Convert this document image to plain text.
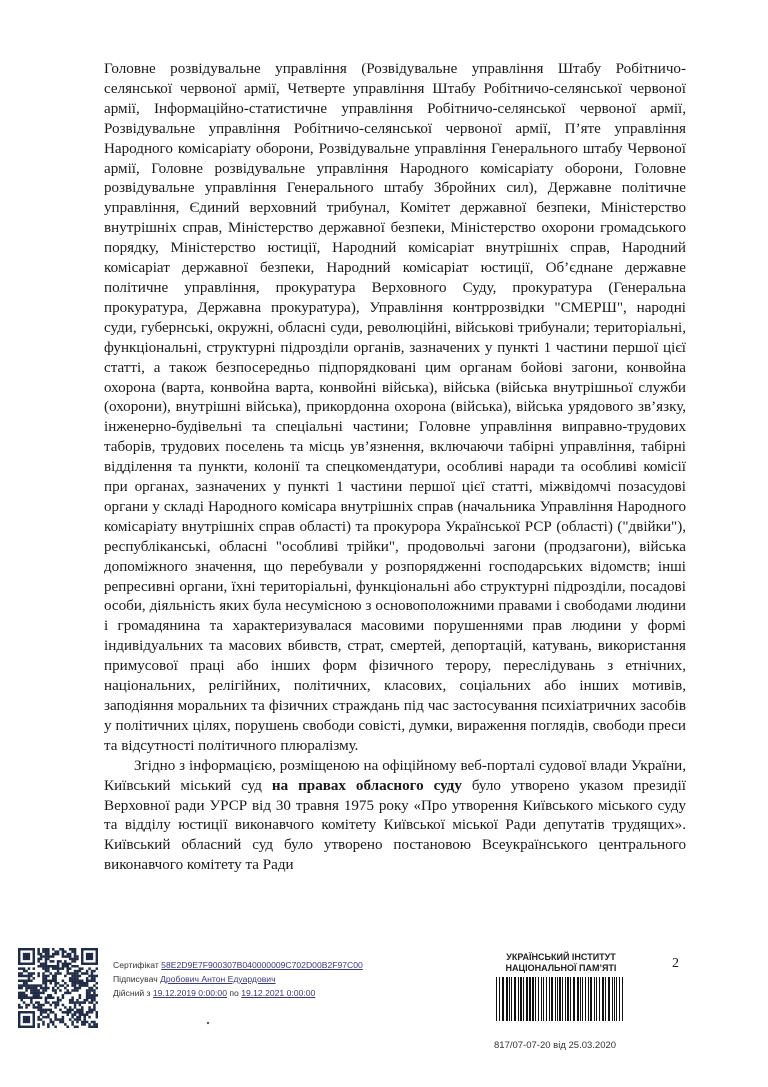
Головне розвідувальне управління (Розвідувальне управління Штабу Робітничо-селянської червоної армії, Четверте управління Штабу Робітничо-селянської червоної армії, Інформаційно-статистичне управління Робітничо-селянської червоної армії, Розвідувальне управління Робітничо-селянської червоної армії, П’яте управління Народного комісаріату оборони, Розвідувальне управління Генерального штабу Червоної армії, Головне розвідувальне управління Народного комісаріату оборони, Головне розвідувальне управління Генерального штабу Збройних сил), Державне політичне управління, Єдиний верховний трибунал, Комітет державної безпеки, Міністерство внутрішніх справ, Міністерство державної безпеки, Міністерство охорони громадського порядку, Міністерство юстиції, Народний комісаріат внутрішніх справ, Народний комісаріат державної безпеки, Народний комісаріат юстиції, Об’єднане державне політичне управління, прокуратура Верховного Суду, прокуратура (Генеральна прокуратура, Державна прокуратура), Управління контррозвідки "СМЕРШ", народні суди, губернські, окружні, обласні суди, революційні, військові трибунали; територіальні, функціональні, структурні підрозділи органів, зазначених у пункті 1 частини першої цієї статті, а також безпосередньо підпорядковані цим органам бойові загони, конвойна охорона (варта, конвойна варта, конвойні війська), війська (війська внутрішньої служби (охорони), внутрішні війська), прикордонна охорона (війська), війська урядового зв’язку, інженерно-будівельні та спеціальні частини; Головне управління виправно-трудових таборів, трудових поселень та місць ув’язнення, включаючи табірні управління, табірні відділення та пункти, колонії та спецкомендатури, особливі наради та особливі комісії при органах, зазначених у пункті 1 частини першої цієї статті, міжвідомчі позасудові органи у складі Народного комісара внутрішніх справ (начальника Управління Народного комісаріату внутрішніх справ області) та прокурора Української РСР (області) ("двійки"), республіканські, обласні "особливі трійки", продовольчі загони (продзагони), війська допоміжного значення, що перебували у розпорядженні господарських відомств; інші репресивні органи, їхні територіальні, функціональні або структурні підрозділи, посадові особи, діяльність яких була несумісною з основоположними правами і свободами людини і громадянина та характеризувалася масовими порушеннями прав людини у формі індивідуальних та масових вбивств, страт, смертей, депортацій, катувань, використання примусової праці або інших форм фізичного терору, переслідувань з етнічних, національних, релігійних, політичних, класових, соціальних або інших мотивів, заподіяння моральних та фізичних страждань під час застосування психіатричних засобів у політичних цілях, порушень свободи совісті, думки, вираження поглядів, свободи преси та відсутності політичного плюралізму.

Згідно з інформацією, розміщеною на офіційному веб-порталі судової влади України, Київський міський суд на правах обласного суду було утворено указом президії Верховної ради УРСР від 30 травня 1975 року «Про утворення Київського міського суду та відділу юстиції виконавчого комітету Київської міської Ради депутатів трудящих». Київський обласний суд було утворено постановою Всеукраїнського центрального виконавчого комітету та Ради

Сертифікат 58E2D9E7F900307B040000009C702D00B2F97C00
Підписувач Дробович Антон Едуардович
Дійсний з 19.12.2019 0:00:00 по 19.12.2021 0:00:00
УКРАЇНСЬКИЙ ІНСТИТУТ
НАЦІОНАЛЬНОЇ ПАМ’ЯТІ	2
817/07-07-20 від 25.03.2020
